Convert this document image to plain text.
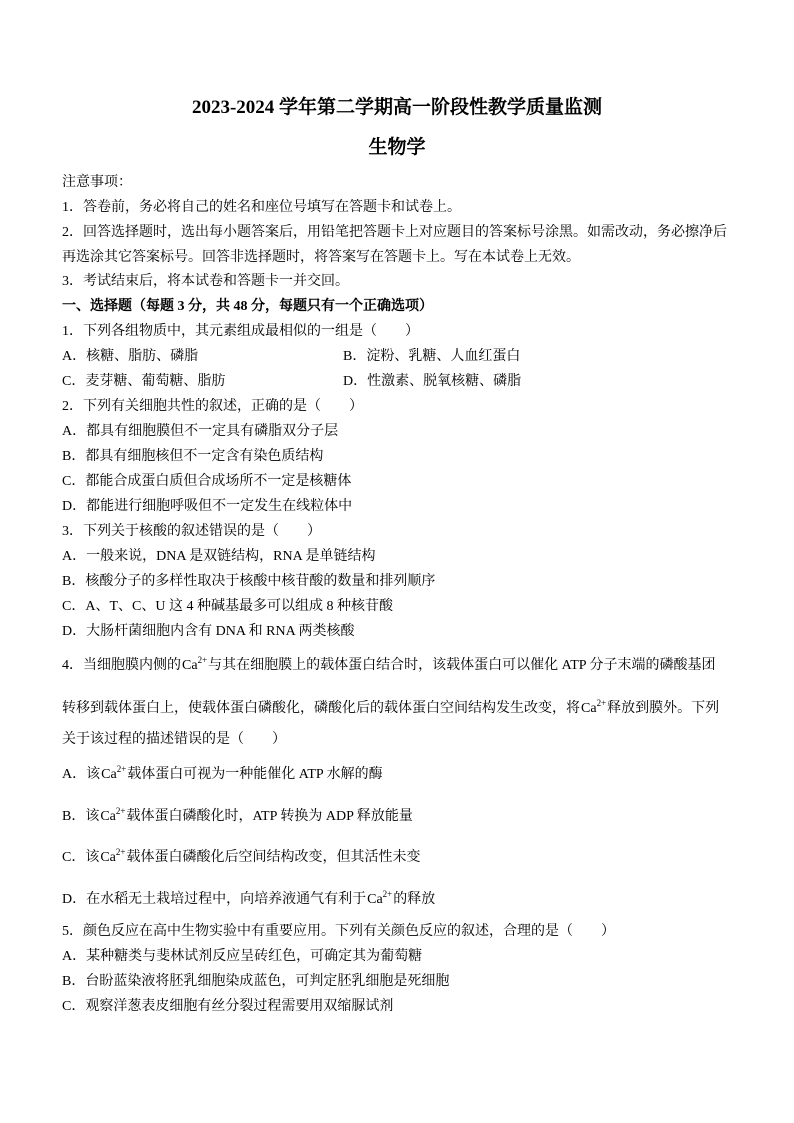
2023-2024 学年第二学期高一阶段性教学质量监测
生物学
注意事项：
1．答卷前，务必将自己的姓名和座位号填写在答题卡和试卷上。
2．回答选择题时，选出每小题答案后，用铅笔把答题卡上对应题目的答案标号涂黑。如需改动，务必擦净后
再选涂其它答案标号。回答非选择题时，将答案写在答题卡上。写在本试卷上无效。
3．考试结束后，将本试卷和答题卡一并交回。
一、选择题（每题 3 分，共 48 分，每题只有一个正确选项）
1．下列各组物质中，其元素组成最相似的一组是（　　）
A．核糖、脂肪、磷脂	B．淀粉、乳糖、人血红蛋白
C．麦芽糖、葡萄糖、脂肪	D．性激素、脱氧核糖、磷脂
2．下列有关细胞共性的叙述，正确的是（　　）
A．都具有细胞膜但不一定具有磷脂双分子层
B．都具有细胞核但不一定含有染色质结构
C．都能合成蛋白质但合成场所不一定是核糖体
D．都能进行细胞呼吸但不一定发生在线粒体中
3．下列关于核酸的叙述错误的是（　　）
A．一般来说，DNA 是双链结构，RNA 是单链结构
B．核酸分子的多样性取决于核酸中核苷酸的数量和排列顺序
C．A、T、C、U 这 4 种碱基最多可以组成 8 种核苷酸
D．大肠杆菌细胞内含有 DNA 和 RNA 两类核酸
4．当细胞膜内侧的$Ca^{2+}$与其在细胞膜上的载体蛋白结合时，该载体蛋白可以催化 ATP 分子末端的磷酸基团
转移到载体蛋白上，使载体蛋白磷酸化，磷酸化后的载体蛋白空间结构发生改变，将$Ca^{2+}$释放到膜外。下列
关于该过程的描述错误的是（　　）
A．该$Ca^{2+}$载体蛋白可视为一种能催化 ATP 水解的酶
B．该$Ca^{2+}$载体蛋白磷酸化时，ATP 转换为 ADP 释放能量
C．该$Ca^{2+}$载体蛋白磷酸化后空间结构改变，但其活性未变
D．在水稻无土栽培过程中，向培养液通气有利于$Ca^{2+}$的释放
5．颜色反应在高中生物实验中有重要应用。下列有关颜色反应的叙述，合理的是（　　）
A．某种糖类与斐林试剂反应呈砖红色，可确定其为葡萄糖
B．台盼蓝染液将胚乳细胞染成蓝色，可判定胚乳细胞是死细胞
C．观察洋葱表皮细胞有丝分裂过程需要用双缩脲试剂
